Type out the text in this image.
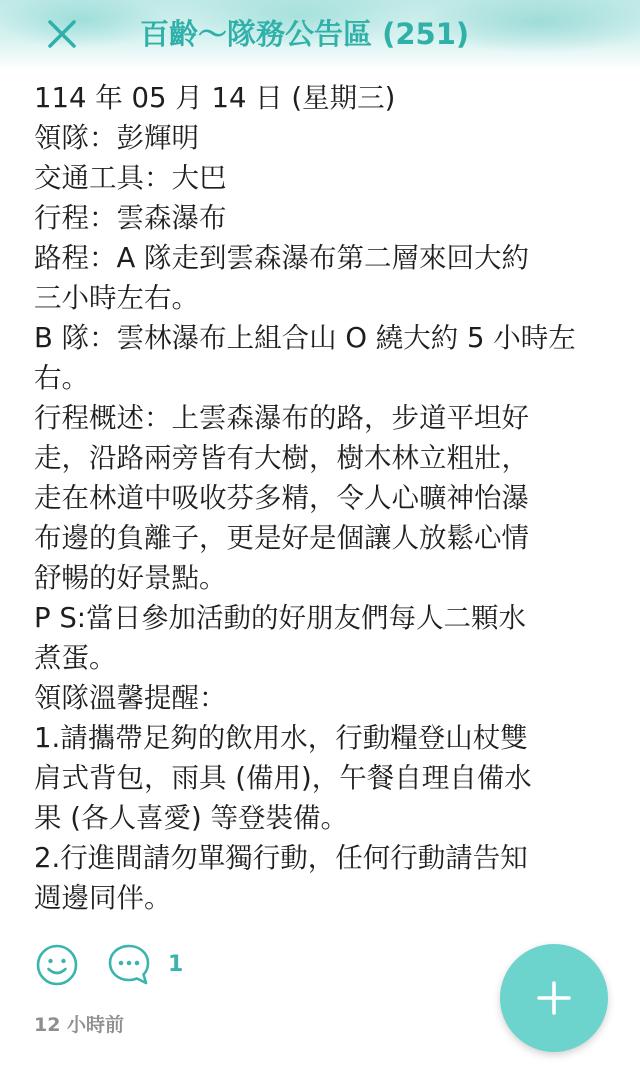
百齡～隊務公告區 (251)
114 年 05 月 14 日 (星期三)
領隊：彭輝明
交通工具：大巴
行程：雲森瀑布
路程：A 隊走到雲森瀑布第二層來回大約
三小時左右。
B 隊：雲林瀑布上組合山 O 繞大約 5 小時左
右。
行程概述：上雲森瀑布的路，步道平坦好
走，沿路兩旁皆有大樹，樹木林立粗壯，
走在林道中吸收芬多精，令人心曠神怡瀑
布邊的負離子，更是好是個讓人放鬆心情
舒暢的好景點。
P S:當日參加活動的好朋友們每人二顆水
煮蛋。
領隊溫馨提醒：
1.請攜帶足夠的飲用水，行動糧登山杖雙
肩式背包，雨具 (備用)，午餐自理自備水
果 (各人喜愛) 等登裝備。
2.行進間請勿單獨行動，任何行動請告知
週邊同伴。
1
12 小時前
